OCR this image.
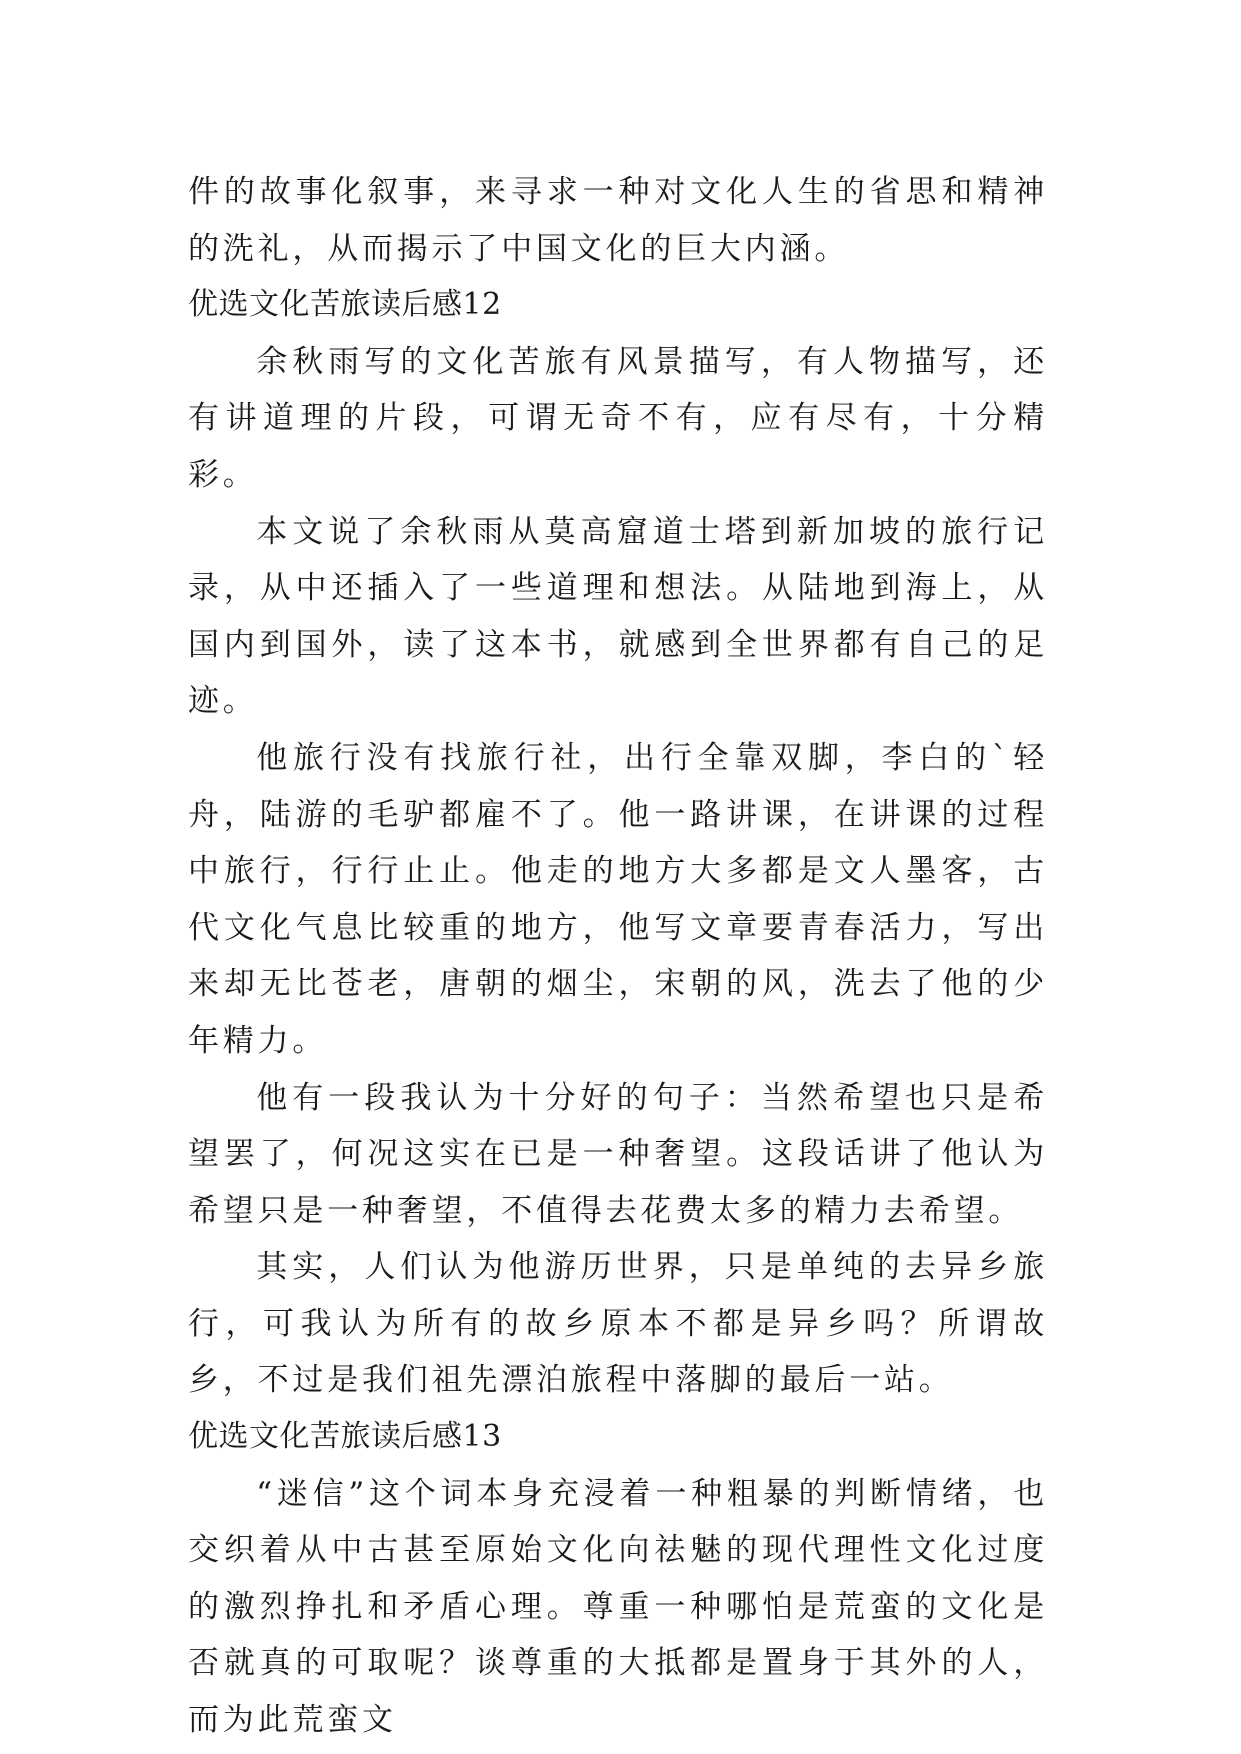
件的故事化叙事，来寻求一种对文化人生的省思和精神的洗礼，从而揭示了中国文化的巨大内涵。

优选文化苦旅读后感12

余秋雨写的文化苦旅有风景描写，有人物描写，还有讲道理的片段，可谓无奇不有，应有尽有，十分精彩。

本文说了余秋雨从莫高窟道士塔到新加坡的旅行记录，从中还插入了一些道理和想法。从陆地到海上，从国内到国外，读了这本书，就感到全世界都有自己的足迹。

他旅行没有找旅行社，出行全靠双脚，李白的`轻舟，陆游的毛驴都雇不了。他一路讲课，在讲课的过程中旅行，行行止止。他走的地方大多都是文人墨客，古代文化气息比较重的地方，他写文章要青春活力，写出来却无比苍老，唐朝的烟尘，宋朝的风，洗去了他的少年精力。

他有一段我认为十分好的句子：当然希望也只是希望罢了，何况这实在已是一种奢望。这段话讲了他认为希望只是一种奢望，不值得去花费太多的精力去希望。

其实，人们认为他游历世界，只是单纯的去异乡旅行，可我认为所有的故乡原本不都是异乡吗？所谓故乡，不过是我们祖先漂泊旅程中落脚的最后一站。

优选文化苦旅读后感13

“迷信”这个词本身充浸着一种粗暴的判断情绪，也交织着从中古甚至原始文化向祛魅的现代理性文化过度的激烈挣扎和矛盾心理。尊重一种哪怕是荒蛮的文化是否就真的可取呢？谈尊重的大抵都是置身于其外的人，而为此荒蛮文
